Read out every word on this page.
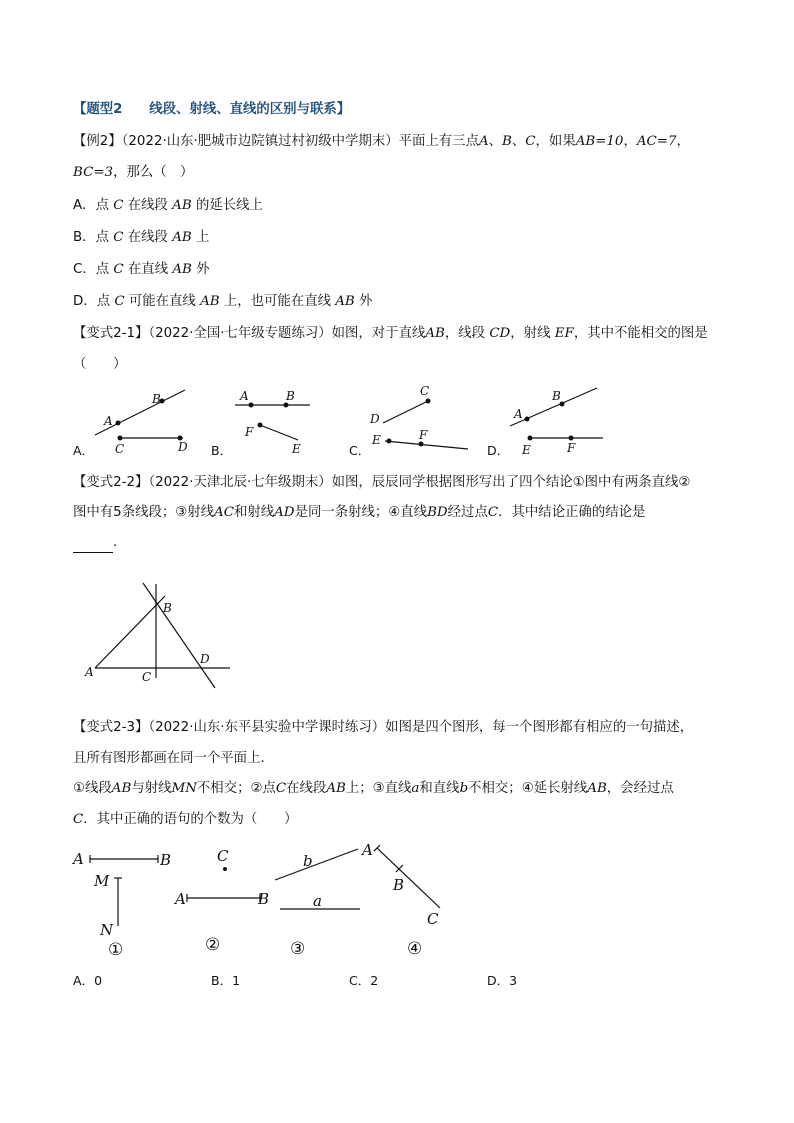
【题型2　　线段、射线、直线的区别与联系】
【例2】（2022·山东·肥城市边院镇过村初级中学期末）平面上有三点A、B、C，如果AB=10，AC=7，
BC=3，那么（　）
A．点 C 在线段 AB 的延长线上
B．点 C 在线段 AB 上
C．点 C 在直线 AB 外
D．点 C 可能在直线 AB 上，也可能在直线 AB 外
【变式2-1】（2022·全国·七年级专题练习）如图，对于直线AB，线段 CD，射线 EF，其中不能相交的图是
（　　）
A
B
C	D
A	B
F
E
C
D
E	F
A
B
E	F
A．	B．	C．	D．
【变式2-2】（2022·天津北辰·七年级期末）如图，辰辰同学根据图形写出了四个结论①图中有两条直线②
图中有5条线段；③射线AC和射线AD是同一条射线；④直线BD经过点C．其中结论正确的结论是
．
B
D
A	C
【变式2-3】（2022·山东·东平县实验中学课时练习）如图是四个图形，每一个图形都有相应的一句描述，
且所有图形都画在同一个平面上．
①线段AB与射线MN不相交；②点C在线段AB上；③直线a和直线b不相交；④延长射线AB，会经过点
C．其中正确的语句的个数为（　　）
A	B
M
N
①
C
A	B
②
b
a
③
A
B
C
④
A．0	B．1	C．2	D．3
